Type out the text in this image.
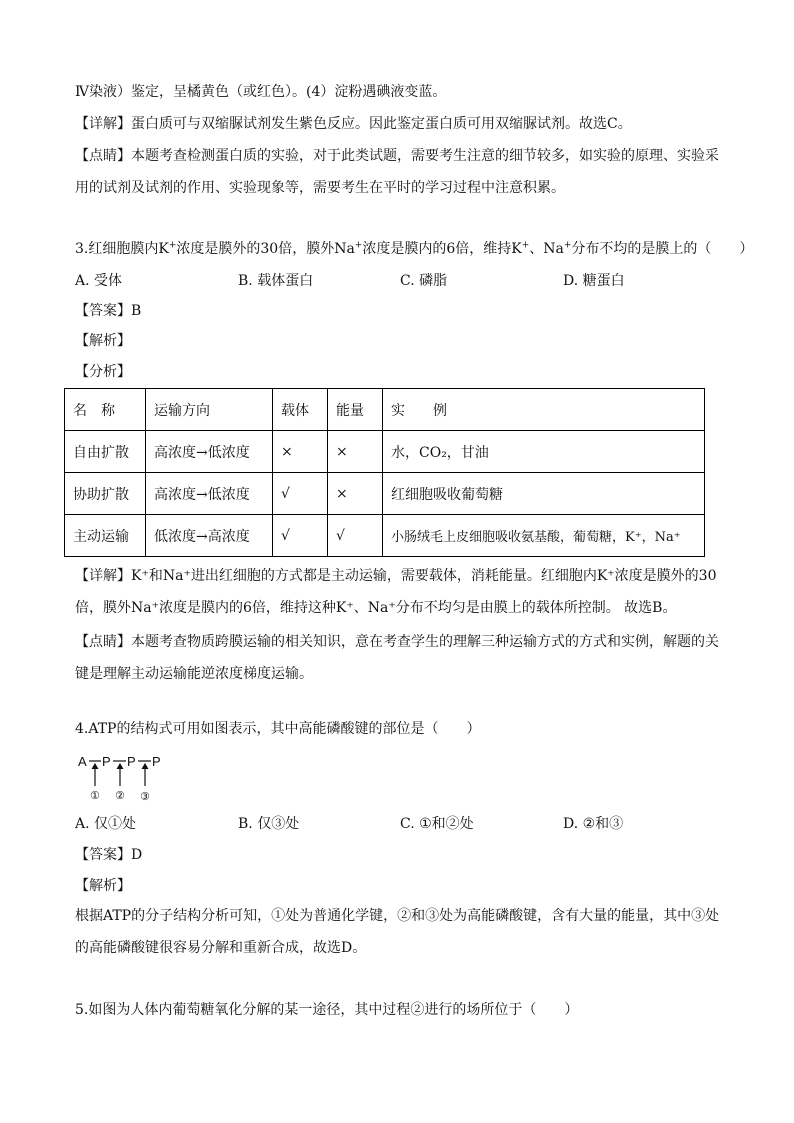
Ⅳ染液）鉴定，呈橘黄色（或红色）。(4）淀粉遇碘液变蓝。
【详解】蛋白质可与双缩脲试剂发生紫色反应。因此鉴定蛋白质可用双缩脲试剂。故选C。
【点睛】本题考查检测蛋白质的实验，对于此类试题，需要考生注意的细节较多，如实验的原理、实验采用的试剂及试剂的作用、实验现象等，需要考生在平时的学习过程中注意积累。
3.红细胞膜内K+浓度是膜外的30倍，膜外Na+浓度是膜内的6倍，维持K+、Na+分布不均的是膜上的（　　）
A. 受体	B. 载体蛋白	C. 磷脂	D. 糖蛋白
【答案】B
【解析】
【分析】
名　称	运输方向	载体	能量	实　　例
自由扩散	高浓度→低浓度	×	×	水，CO₂，甘油
协助扩散	高浓度→低浓度	√	×	红细胞吸收葡萄糖
主动运输	低浓度→高浓度	√	√	小肠绒毛上皮细胞吸收氨基酸，葡萄糖，K⁺，Na⁺
【详解】K⁺和Na⁺进出红细胞的方式都是主动运输，需要载体，消耗能量。红细胞内K⁺浓度是膜外的30倍，膜外Na⁺浓度是膜内的6倍，维持这种K⁺、Na⁺分布不均匀是由膜上的载体所控制。 故选B。
【点睛】本题考查物质跨膜运输的相关知识，意在考查学生的理解三种运输方式的方式和实例，解题的关键是理解主动运输能逆浓度梯度运输。
4.ATP的结构式可用如图表示，其中高能磷酸键的部位是（　　）
A P P P
① ② ③
A. 仅①处	B. 仅③处	C. ①和②处	D. ②和③
【答案】D
【解析】
根据ATP的分子结构分析可知，①处为普通化学键，②和③处为高能磷酸键，含有大量的能量，其中③处的高能磷酸键很容易分解和重新合成，故选D。
5.如图为人体内葡萄糖氧化分解的某一途径，其中过程②进行的场所位于（　　）
